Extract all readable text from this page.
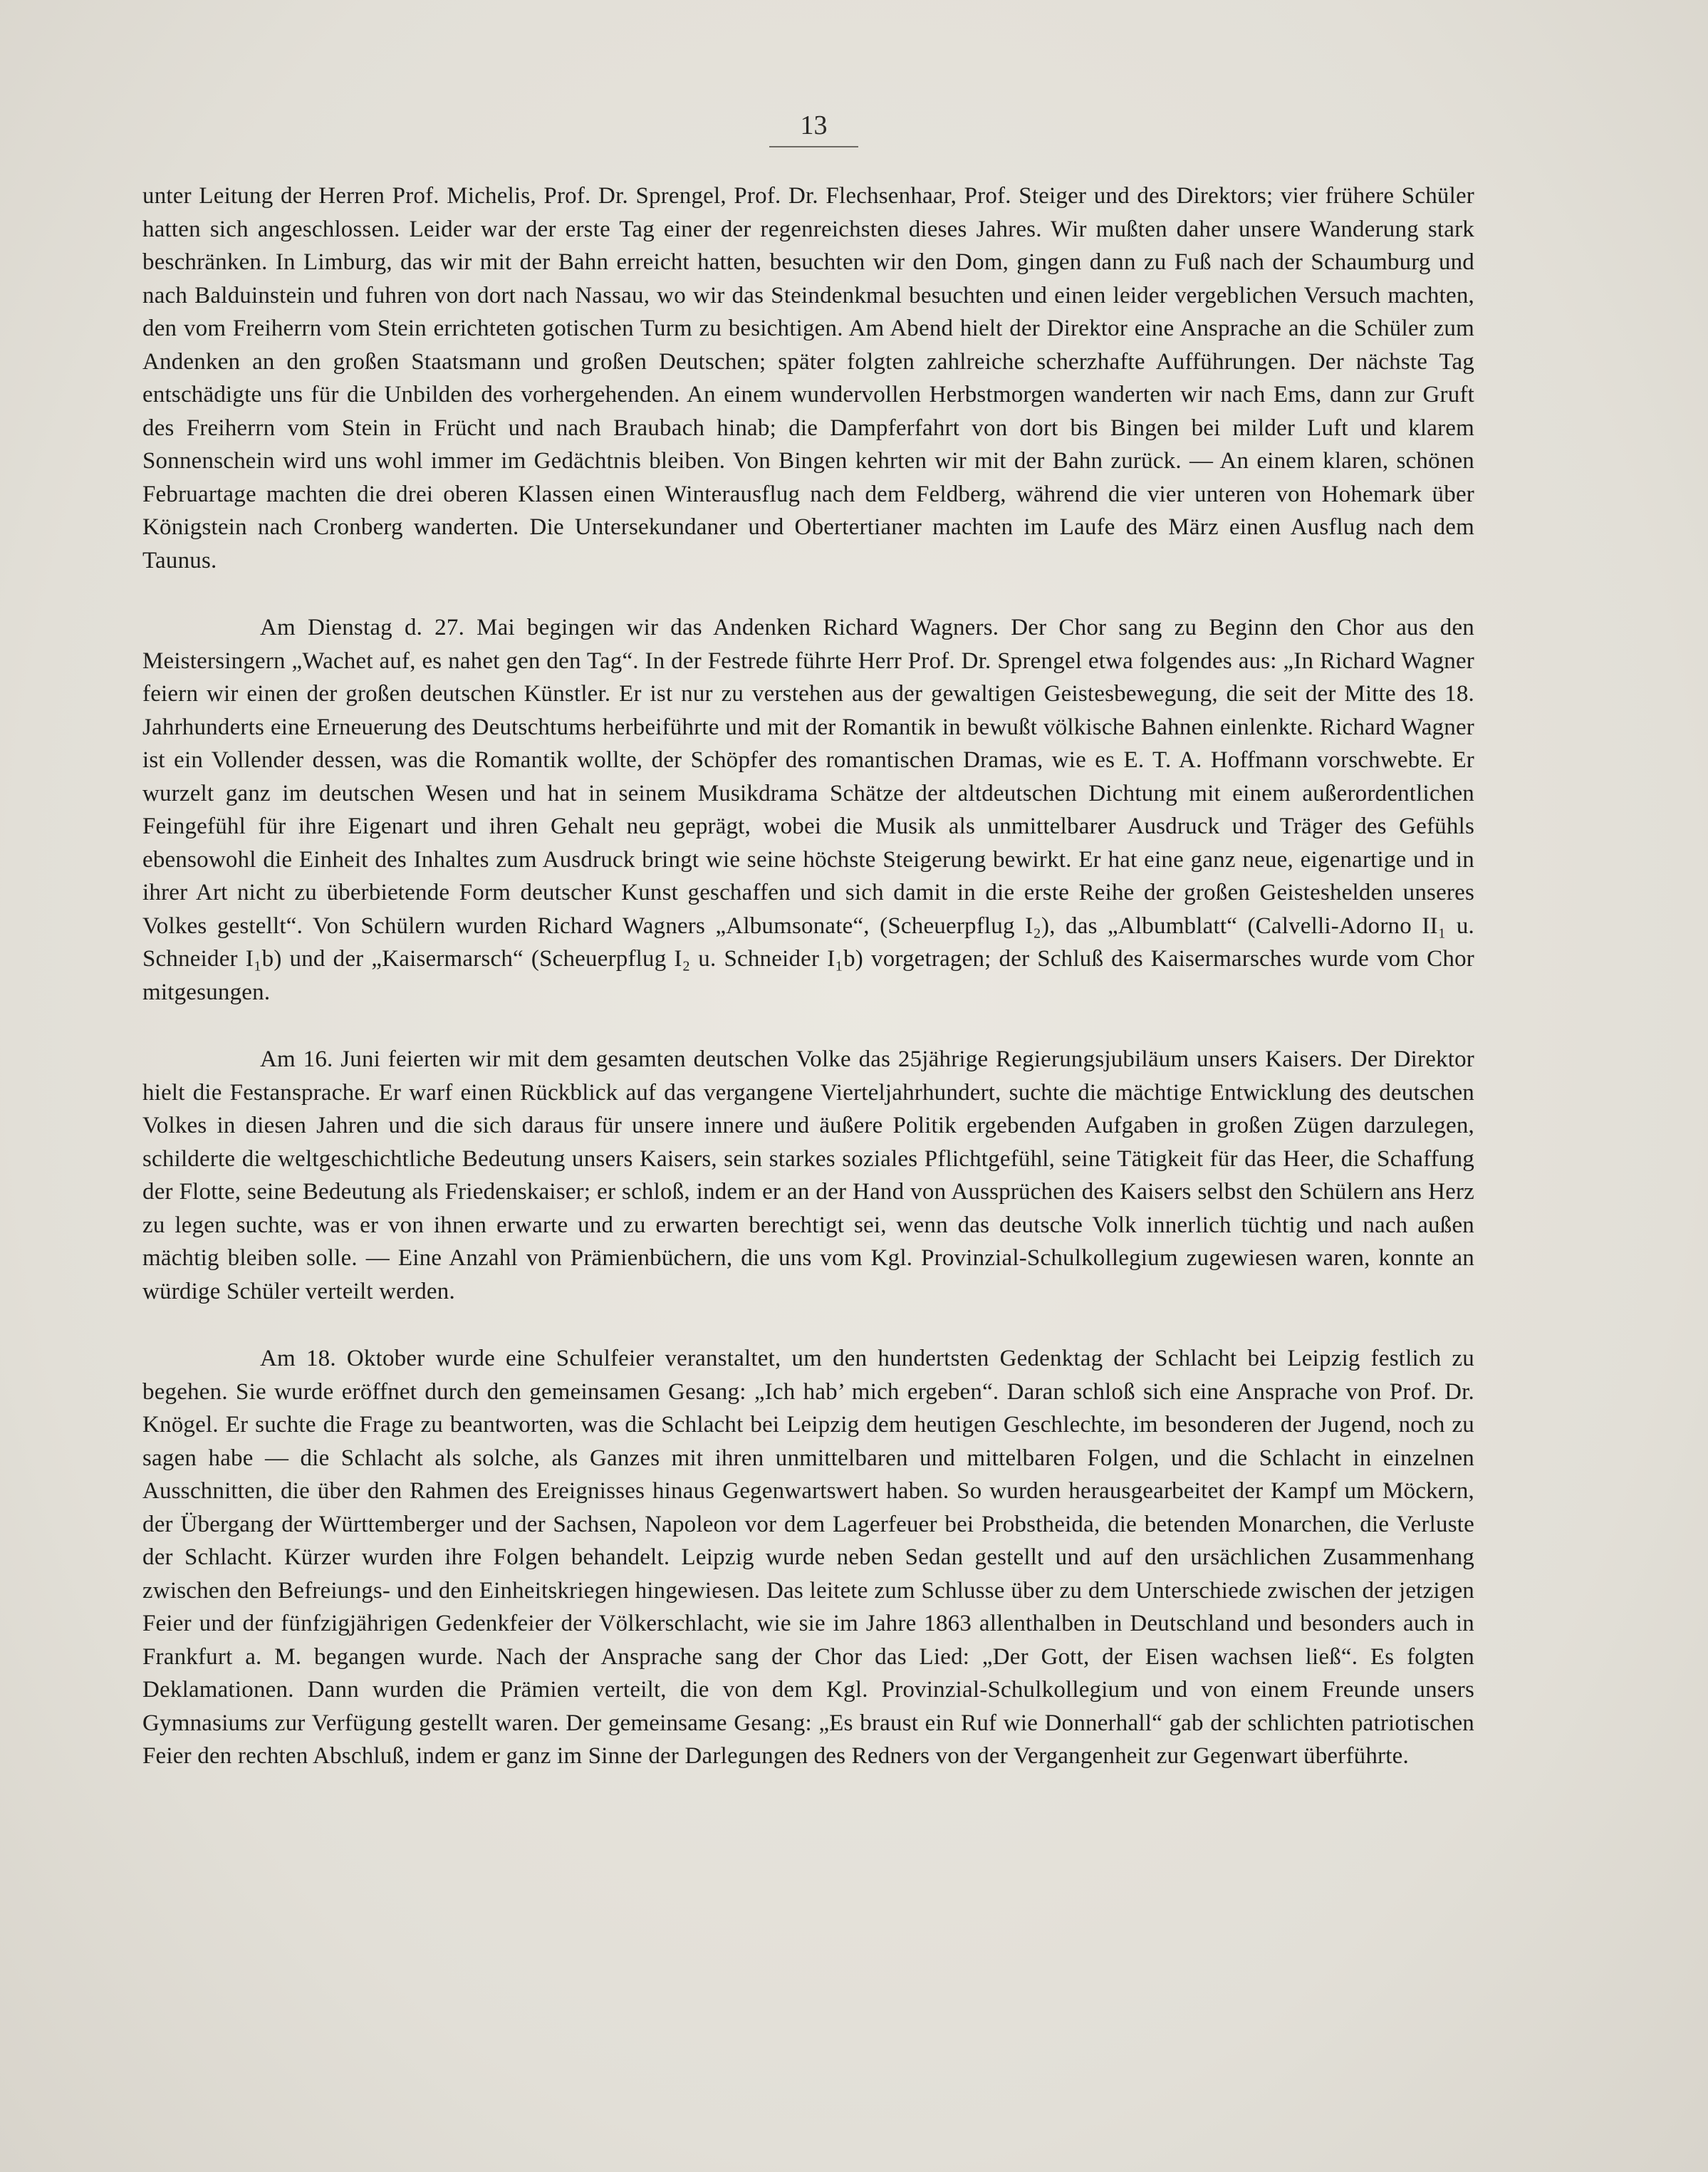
13

unter Leitung der Herren Prof. Michelis, Prof. Dr. Sprengel, Prof. Dr. Flechsenhaar, Prof. Steiger und des Direktors; vier frühere Schüler hatten sich angeschlossen. Leider war der erste Tag einer der regenreichsten dieses Jahres. Wir mußten daher unsere Wanderung stark beschränken. In Limburg, das wir mit der Bahn erreicht hatten, besuchten wir den Dom, gingen dann zu Fuß nach der Schaumburg und nach Balduinstein und fuhren von dort nach Nassau, wo wir das Steindenkmal besuchten und einen leider vergeblichen Versuch machten, den vom Freiherrn vom Stein errichteten gotischen Turm zu besichtigen. Am Abend hielt der Direktor eine Ansprache an die Schüler zum Andenken an den großen Staatsmann und großen Deutschen; später folgten zahlreiche scherzhafte Aufführungen. Der nächste Tag entschädigte uns für die Unbilden des vorhergehenden. An einem wundervollen Herbstmorgen wanderten wir nach Ems, dann zur Gruft des Freiherrn vom Stein in Frücht und nach Braubach hinab; die Dampferfahrt von dort bis Bingen bei milder Luft und klarem Sonnenschein wird uns wohl immer im Gedächtnis bleiben. Von Bingen kehrten wir mit der Bahn zurück. — An einem klaren, schönen Februartage machten die drei oberen Klassen einen Winterausflug nach dem Feldberg, während die vier unteren von Hohemark über Königstein nach Cronberg wanderten. Die Untersekundaner und Obertertianer machten im Laufe des März einen Ausflug nach dem Taunus.

Am Dienstag d. 27. Mai begingen wir das Andenken Richard Wagners. Der Chor sang zu Beginn den Chor aus den Meistersingern „Wachet auf, es nahet gen den Tag“. In der Festrede führte Herr Prof. Dr. Sprengel etwa folgendes aus: „In Richard Wagner feiern wir einen der großen deutschen Künstler. Er ist nur zu verstehen aus der gewaltigen Geistesbewegung, die seit der Mitte des 18. Jahrhunderts eine Erneuerung des Deutschtums herbeiführte und mit der Romantik in bewußt völkische Bahnen einlenkte. Richard Wagner ist ein Vollender dessen, was die Romantik wollte, der Schöpfer des romantischen Dramas, wie es E. T. A. Hoffmann vorschwebte. Er wurzelt ganz im deutschen Wesen und hat in seinem Musikdrama Schätze der altdeutschen Dichtung mit einem außerordentlichen Feingefühl für ihre Eigenart und ihren Gehalt neu geprägt, wobei die Musik als unmittelbarer Ausdruck und Träger des Gefühls ebensowohl die Einheit des Inhaltes zum Ausdruck bringt wie seine höchste Steigerung bewirkt. Er hat eine ganz neue, eigenartige und in ihrer Art nicht zu überbietende Form deutscher Kunst geschaffen und sich damit in die erste Reihe der großen Geisteshelden unseres Volkes gestellt“. Von Schülern wurden Richard Wagners „Albumsonate“, (Scheuerpflug I₂), das „Albumblatt“ (Calvelli-Adorno II₁ u. Schneider I₁b) und der „Kaisermarsch“ (Scheuerpflug I₂ u. Schneider I₁b) vorgetragen; der Schluß des Kaisermarsches wurde vom Chor mitgesungen.

Am 16. Juni feierten wir mit dem gesamten deutschen Volke das 25jährige Regierungsjubiläum unsers Kaisers. Der Direktor hielt die Festansprache. Er warf einen Rückblick auf das vergangene Vierteljahrhundert, suchte die mächtige Entwicklung des deutschen Volkes in diesen Jahren und die sich daraus für unsere innere und äußere Politik ergebenden Aufgaben in großen Zügen darzulegen, schilderte die weltgeschichtliche Bedeutung unsers Kaisers, sein starkes soziales Pflichtgefühl, seine Tätigkeit für das Heer, die Schaffung der Flotte, seine Bedeutung als Friedenskaiser; er schloß, indem er an der Hand von Aussprüchen des Kaisers selbst den Schülern ans Herz zu legen suchte, was er von ihnen erwarte und zu erwarten berechtigt sei, wenn das deutsche Volk innerlich tüchtig und nach außen mächtig bleiben solle. — Eine Anzahl von Prämienbüchern, die uns vom Kgl. Provinzial-Schulkollegium zugewiesen waren, konnte an würdige Schüler verteilt werden.

Am 18. Oktober wurde eine Schulfeier veranstaltet, um den hundertsten Gedenktag der Schlacht bei Leipzig festlich zu begehen. Sie wurde eröffnet durch den gemeinsamen Gesang: „Ich hab’ mich ergeben“. Daran schloß sich eine Ansprache von Prof. Dr. Knögel. Er suchte die Frage zu beantworten, was die Schlacht bei Leipzig dem heutigen Geschlechte, im besonderen der Jugend, noch zu sagen habe — die Schlacht als solche, als Ganzes mit ihren unmittelbaren und mittelbaren Folgen, und die Schlacht in einzelnen Ausschnitten, die über den Rahmen des Ereignisses hinaus Gegenwartswert haben. So wurden herausgearbeitet der Kampf um Möckern, der Übergang der Württemberger und der Sachsen, Napoleon vor dem Lagerfeuer bei Probstheida, die betenden Monarchen, die Verluste der Schlacht. Kürzer wurden ihre Folgen behandelt. Leipzig wurde neben Sedan gestellt und auf den ursächlichen Zusammenhang zwischen den Befreiungs- und den Einheitskriegen hingewiesen. Das leitete zum Schlusse über zu dem Unterschiede zwischen der jetzigen Feier und der fünfzigjährigen Gedenkfeier der Völkerschlacht, wie sie im Jahre 1863 allenthalben in Deutschland und besonders auch in Frankfurt a. M. begangen wurde. Nach der Ansprache sang der Chor das Lied: „Der Gott, der Eisen wachsen ließ“. Es folgten Deklamationen. Dann wurden die Prämien verteilt, die von dem Kgl. Provinzial-Schulkollegium und von einem Freunde unsers Gymnasiums zur Verfügung gestellt waren. Der gemeinsame Gesang: „Es braust ein Ruf wie Donnerhall“ gab der schlichten patriotischen Feier den rechten Abschluß, indem er ganz im Sinne der Darlegungen des Redners von der Vergangenheit zur Gegenwart überführte.
